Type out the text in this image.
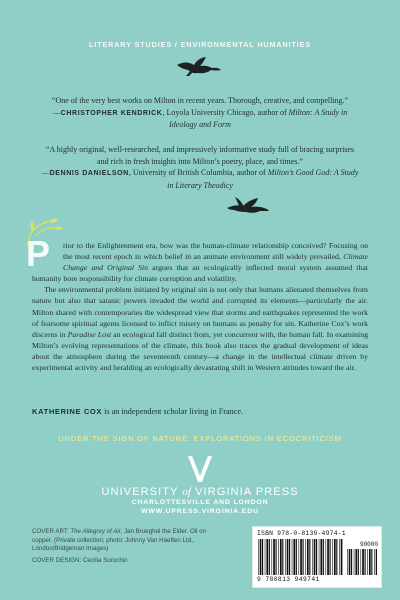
LITERARY STUDIES / ENVIRONMENTAL HUMANITIES
“One of the very best works on Milton in recent years. Thorough, creative, and compelling.”
—CHRISTOPHER KENDRICK, Loyola University Chicago, author of Milton: A Study in Ideology and Form
“A highly original, well-researched, and impressively informative study full of bracing surprises and rich in fresh insights into Milton’s poetry, place, and times.”
—DENNIS DANIELSON, University of British Columbia, author of Milton’s Good God: A Study in Literary Theodicy

P rior to the Enlightenment era, how was the human-climate relationship conceived? Focusing on the most recent epoch in which belief in an animate environment still widely prevailed, Climate Change and Original Sin argues that an ecologically inflected moral system assumed that humanity bore responsibility for climate corruption and volatility.

The environmental problem initiated by original sin is not only that humans alienated themselves from nature but also that satanic powers invaded the world and corrupted its elements—particularly the air. Milton shared with contemporaries the widespread view that storms and earthquakes represented the work of fearsome spiritual agents licensed to inflict misery on humans as penalty for sin. Katherine Cox’s work discerns in Paradise Lost an ecological fall distinct from, yet concurrent with, the human fall. In examining Milton’s evolving representations of the climate, this book also traces the gradual development of ideas about the atmosphere during the seventeenth century—a change in the intellectual climate driven by experimental activity and heralding an ecologically devastating shift in Western attitudes toward the air.

KATHERINE COX is an independent scholar living in France.
UNDER THE SIGN OF NATURE: EXPLORATIONS IN ECOCRITICISM
UNIVERSITY of VIRGINIA PRESS
CHARLOTTESVILLE AND LONDON
WWW.UPRESS.VIRGINIA.EDU

COVER ART: The Allegory of Air, Jan Brueghel the Elder. Oil on copper. (Private collection; photo: Johnny Van Haeften Ltd., London/Bridgeman Images)

COVER DESIGN: Cecilia Sorochin

ISBN 978-0-8139-4974-1
90000
9 780813 949741
